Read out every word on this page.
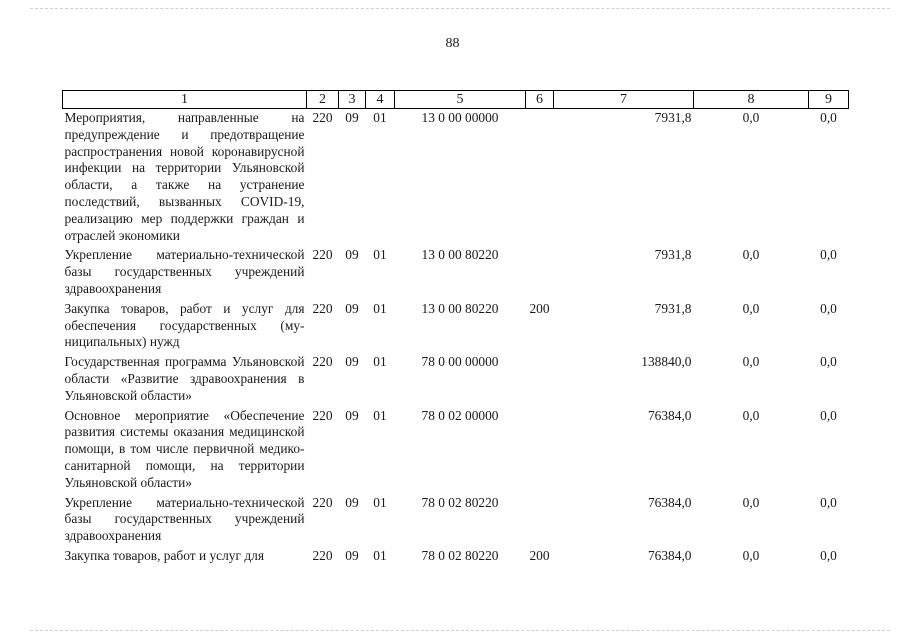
88
1	2	3	4	5	6	7	8	9
Мероприятия, направленные на предупреждение и предотвращение распространения новой коронавирусной инфекции на территории Ульяновской области, а также на устранение последствий, вызванных COVID-19, реализацию мер поддержки граждан и отраслей экономики	220	09	01	13 0 00 00000		7931,8	0,0	0,0
Укрепление материально-технической базы государственных учреждений здравоохранения	220	09	01	13 0 00 80220		7931,8	0,0	0,0
Закупка товаров, работ и услуг для обеспечения государственных (муниципальных) нужд	220	09	01	13 0 00 80220	200	7931,8	0,0	0,0
Государственная программа Ульяновской области «Развитие здравоохранения в Ульяновской области»	220	09	01	78 0 00 00000		138840,0	0,0	0,0
Основное мероприятие «Обеспечение развития системы оказания медицинской помощи, в том числе первичной медико-санитарной помощи, на территории Ульяновской области»	220	09	01	78 0 02 00000		76384,0	0,0	0,0
Укрепление материально-технической базы государственных учреждений здравоохранения	220	09	01	78 0 02 80220		76384,0	0,0	0,0
Закупка товаров, работ и услуг для	220	09	01	78 0 02 80220	200	76384,0	0,0	0,0
